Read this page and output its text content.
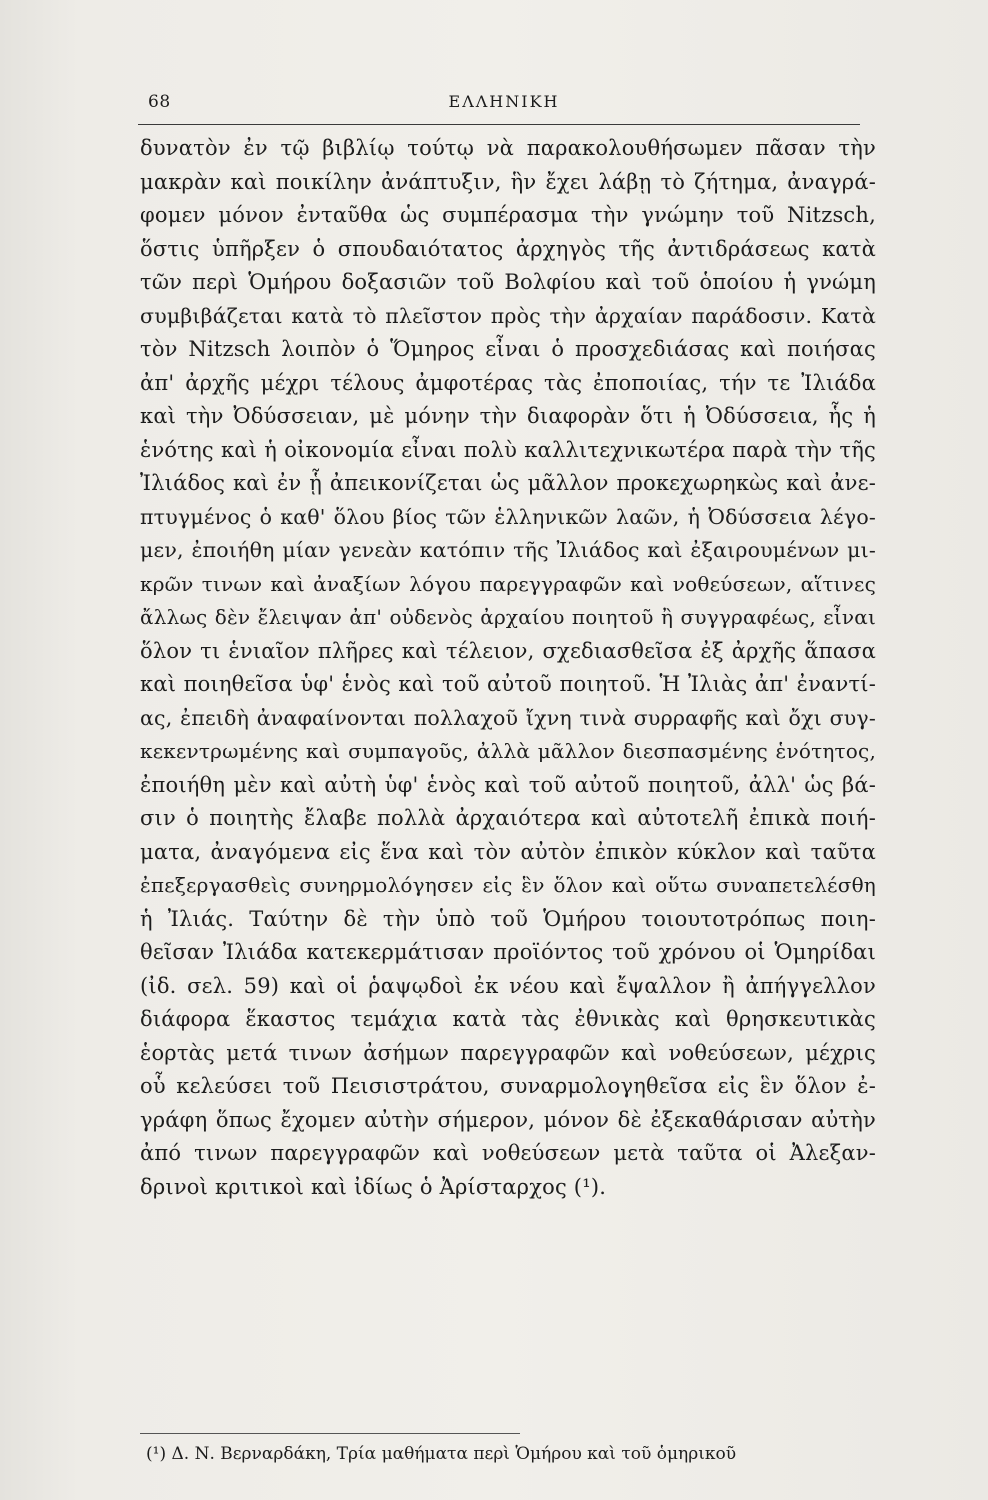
68	ΕΛΛΗΝΙΚΗ
δυνατὸν ἐν τῷ βιβλίῳ τούτῳ νὰ παρακολουθήσωμεν πᾶσαν τὴν
μακρὰν καὶ ποικίλην ἀνάπτυξιν, ἣν ἔχει λάβῃ τὸ ζήτημα, ἀναγρά-
φομεν μόνον ἐνταῦθα ὡς συμπέρασμα τὴν γνώμην τοῦ Nitzsch,
ὅστις ὑπῆρξεν ὁ σπουδαιότατος ἀρχηγὸς τῆς ἀντιδράσεως κατὰ
τῶν περὶ Ὁμήρου δοξασιῶν τοῦ Βολφίου καὶ τοῦ ὁποίου ἡ γνώμη
συμβιβάζεται κατὰ τὸ πλεῖστον πρὸς τὴν ἀρχαίαν παράδοσιν. Κατὰ
τὸν Nitzsch λοιπὸν ὁ Ὅμηρος εἶναι ὁ προσχεδιάσας καὶ ποιήσας
ἀπ' ἀρχῆς μέχρι τέλους ἀμφοτέρας τὰς ἐποποιίας, τήν τε Ἰλιάδα
καὶ τὴν Ὀδύσσειαν, μὲ μόνην τὴν διαφορὰν ὅτι ἡ Ὀδύσσεια, ἧς ἡ
ἑνότης καὶ ἡ οἰκονομία εἶναι πολὺ καλλιτεχνικωτέρα παρὰ τὴν τῆς
Ἰλιάδος καὶ ἐν ᾗ ἀπεικονίζεται ὡς μᾶλλον προκεχωρηκὼς καὶ ἀνε-
πτυγμένος ὁ καθ' ὅλου βίος τῶν ἑλληνικῶν λαῶν, ἡ Ὀδύσσεια λέγο-
μεν, ἐποιήθη μίαν γενεὰν κατόπιν τῆς Ἰλιάδος καὶ ἐξαιρουμένων μι-
κρῶν τινων καὶ ἀναξίων λόγου παρεγγραφῶν καὶ νοθεύσεων, αἵτινες
ἄλλως δὲν ἔλειψαν ἀπ' οὐδενὸς ἀρχαίου ποιητοῦ ἢ συγγραφέως, εἶναι
ὅλον τι ἑνιαῖον πλῆρες καὶ τέλειον, σχεδιασθεῖσα ἐξ ἀρχῆς ἅπασα
καὶ ποιηθεῖσα ὑφ' ἑνὸς καὶ τοῦ αὐτοῦ ποιητοῦ. Ἡ Ἰλιὰς ἀπ' ἐναντί-
ας, ἐπειδὴ ἀναφαίνονται πολλαχοῦ ἴχνη τινὰ συρραφῆς καὶ ὄχι συγ-
κεκεντρωμένης καὶ συμπαγοῦς, ἀλλὰ μᾶλλον διεσπασμένης ἑνότητος,
ἐποιήθη μὲν καὶ αὐτὴ ὑφ' ἑνὸς καὶ τοῦ αὐτοῦ ποιητοῦ, ἀλλ' ὡς βά-
σιν ὁ ποιητὴς ἔλαβε πολλὰ ἀρχαιότερα καὶ αὐτοτελῆ ἐπικὰ ποιή-
ματα, ἀναγόμενα εἰς ἕνα καὶ τὸν αὐτὸν ἐπικὸν κύκλον καὶ ταῦτα
ἐπεξεργασθεὶς συνηρμολόγησεν εἰς ἓν ὅλον καὶ οὕτω συναπετελέσθη
ἡ Ἰλιάς. Ταύτην δὲ τὴν ὑπὸ τοῦ Ὁμήρου τοιουτοτρόπως ποιη-
θεῖσαν Ἰλιάδα κατεκερμάτισαν προϊόντος τοῦ χρόνου οἱ Ὁμηρίδαι
(ἰδ. σελ. 59) καὶ οἱ ῥαψῳδοὶ ἐκ νέου καὶ ἔψαλλον ἢ ἀπήγγελλον
διάφορα ἕκαστος τεμάχια κατὰ τὰς ἐθνικὰς καὶ θρησκευτικὰς
ἑορτὰς μετά τινων ἀσήμων παρεγγραφῶν καὶ νοθεύσεων, μέχρις
οὗ κελεύσει τοῦ Πεισιστράτου, συναρμολογηθεῖσα εἰς ἓν ὅλον ἐ-
γράφη ὅπως ἔχομεν αὐτὴν σήμερον, μόνον δὲ ἐξεκαθάρισαν αὐτὴν
ἀπό τινων παρεγγραφῶν καὶ νοθεύσεων μετὰ ταῦτα οἱ Ἀλεξαν-
δρινοὶ κριτικοὶ καὶ ἰδίως ὁ Ἀρίσταρχος (¹).
(¹) Δ. Ν. Βερναρδάκη, Τρία μαθήματα περὶ Ὁμήρου καὶ τοῦ ὁμηρικοῦ
